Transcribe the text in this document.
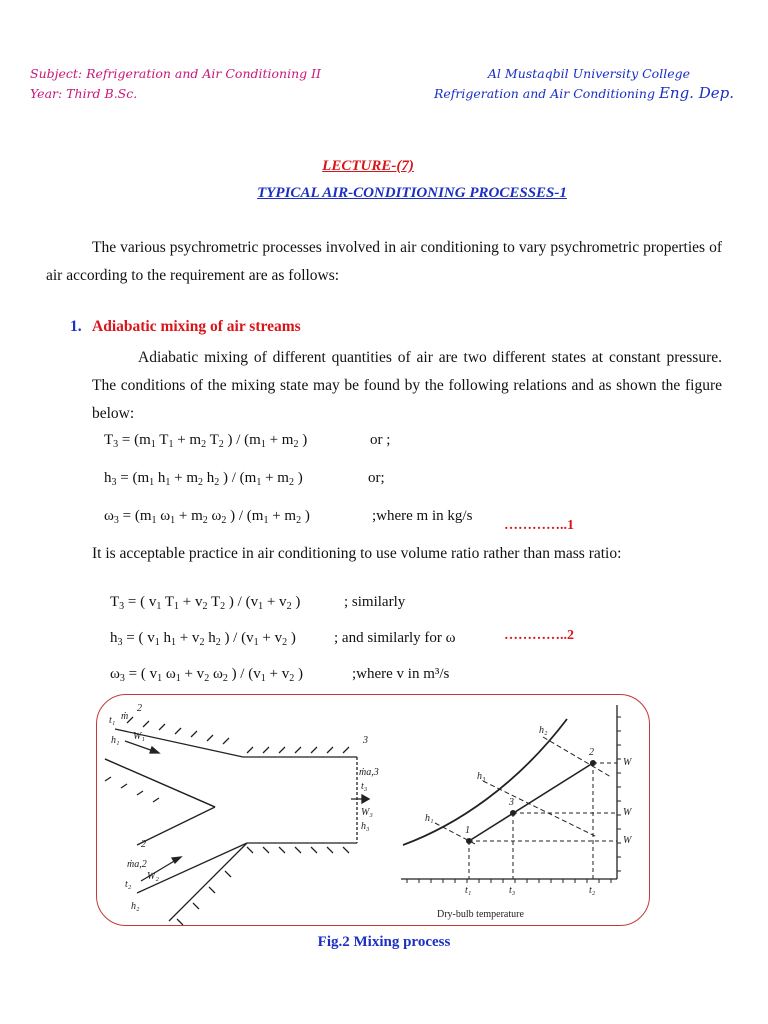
Subject: Refrigeration and Air Conditioning II
Year: Third B.Sc.
Al Mustaqbil University College
Refrigeration and Air Conditioning Eng. Dep.
LECTURE-(7)
TYPICAL AIR-CONDITIONING PROCESSES-1
The various psychrometric processes involved in air conditioning to vary psychrometric properties of air according to the requirement are as follows:
1. Adiabatic mixing of air streams
Adiabatic mixing of different quantities of air are two different states at constant pressure. The conditions of the mixing state may be found by the following relations and as shown the figure below:
$T_3 = (m_1$ $T_1 + m_2$ $T_2$ ) / ($m_1 + m_2$ )	or ;
$h_3 = (m_1$ $h_1 + m_2$ $h_2$ ) / ($m_1 + m_2$ )	or;
$\omega_3 = (m_1$ $\omega_1 + m_2$ $\omega_2$ ) / ($m_1 + m_2$ )	;where m in kg/s
…………..1
It is acceptable practice in air conditioning to use volume ratio rather than mass ratio:
$T_3$ = ( $v_1$ $T_1 + v_2$ $T_2$ ) / ($v_1 + v_2$ )	; similarly
$h_3$ = ( $v_1$ $h_1 + v_2$ $h_2$ ) / ($v_1 + v_2$ )	; and similarly for ω	…………..2
$\omega_3$ = ( $v_1$ $\omega_1 + v_2$ $\omega_2$ ) / ($v_1 + v_2$ )	;where v in m³/s
2
t₁ ṁ
h₁ W₁	3
ṁa,3
t₃
W₃
h₃
2
ṁa,2
t₂
W₂
h₂
1
3
2
h₂
h₃
h₁
t₁	t₃	t₂
W
W
W
Dry-bulb temperature
Fig.2 Mixing process
